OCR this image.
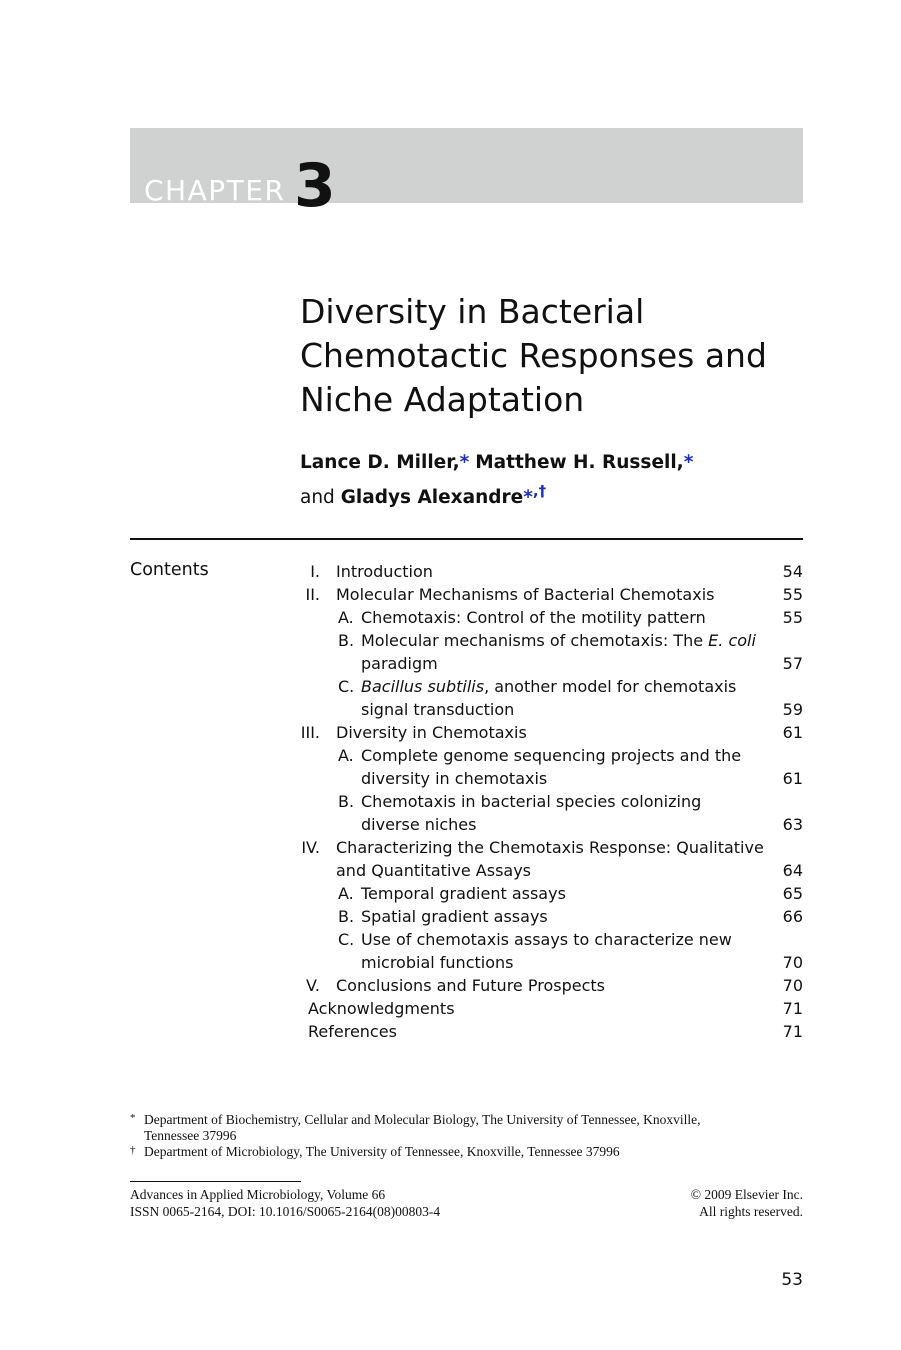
CHAPTER 3
Diversity in Bacterial
Chemotactic Responses and
Niche Adaptation
Lance D. Miller,* Matthew H. Russell,*
and Gladys Alexandre*,†
Contents	I. Introduction	54
II. Molecular Mechanisms of Bacterial Chemotaxis	55
A. Chemotaxis: Control of the motility pattern	55
B. Molecular mechanisms of chemotaxis: The E. coli
paradigm	57
C. Bacillus subtilis, another model for chemotaxis
signal transduction	59
III. Diversity in Chemotaxis	61
A. Complete genome sequencing projects and the
diversity in chemotaxis	61
B. Chemotaxis in bacterial species colonizing
diverse niches	63
IV. Characterizing the Chemotaxis Response: Qualitative
and Quantitative Assays	64
A. Temporal gradient assays	65
B. Spatial gradient assays	66
C. Use of chemotaxis assays to characterize new
microbial functions	70
V. Conclusions and Future Prospects	70
Acknowledgments	71
References	71
* Department of Biochemistry, Cellular and Molecular Biology, The University of Tennessee, Knoxville,
Tennessee 37996
† Department of Microbiology, The University of Tennessee, Knoxville, Tennessee 37996
Advances in Applied Microbiology, Volume 66
ISSN 0065-2164, DOI: 10.1016/S0065-2164(08)00803-4
© 2009 Elsevier Inc.
All rights reserved.
53
